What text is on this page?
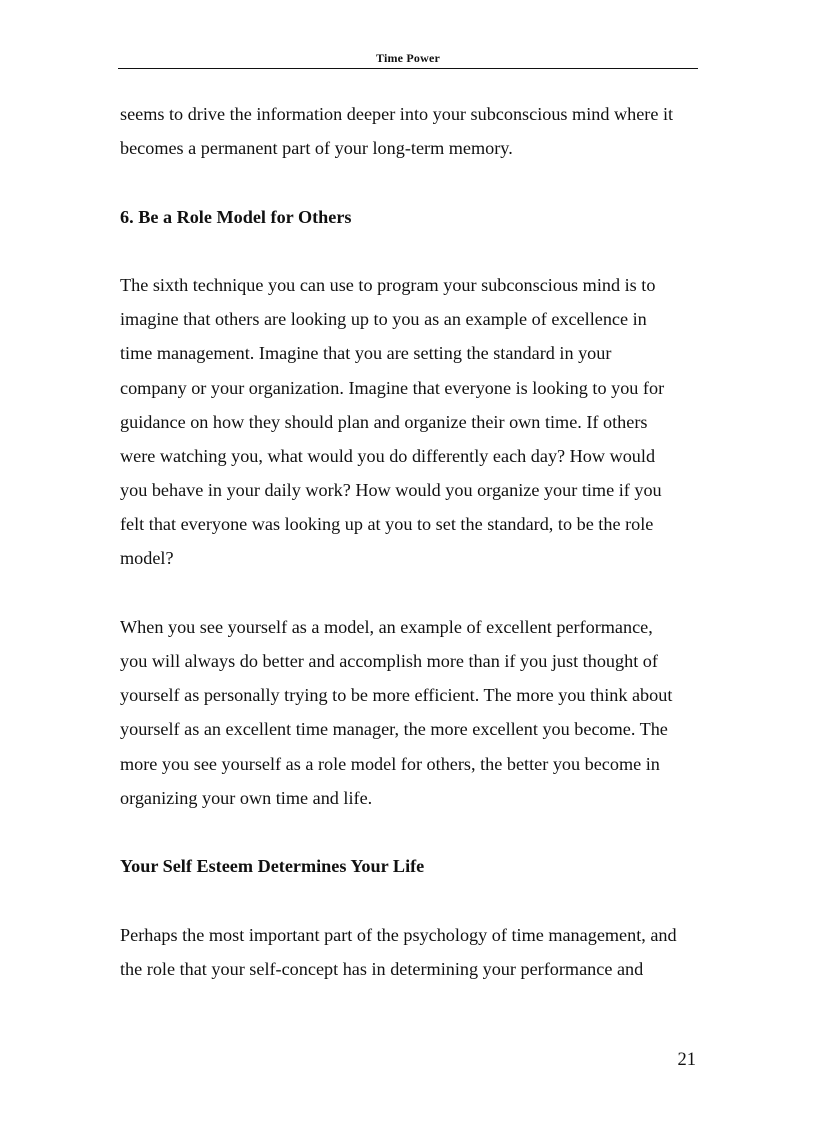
Time Power
seems to drive the information deeper into your subconscious mind where it
becomes a permanent part of your long-term memory.
6. Be a Role Model for Others
The sixth technique you can use to program your subconscious mind is to
imagine that others are looking up to you as an example of excellence in
time management. Imagine that you are setting the standard in your
company or your organization. Imagine that everyone is looking to you for
guidance on how they should plan and organize their own time. If others
were watching you, what would you do differently each day? How would
you behave in your daily work? How would you organize your time if you
felt that everyone was looking up at you to set the standard, to be the role
model?
When you see yourself as a model, an example of excellent performance,
you will always do better and accomplish more than if you just thought of
yourself as personally trying to be more efficient. The more you think about
yourself as an excellent time manager, the more excellent you become. The
more you see yourself as a role model for others, the better you become in
organizing your own time and life.
Your Self Esteem Determines Your Life
Perhaps the most important part of the psychology of time management, and
the role that your self-concept has in determining your performance and
21
